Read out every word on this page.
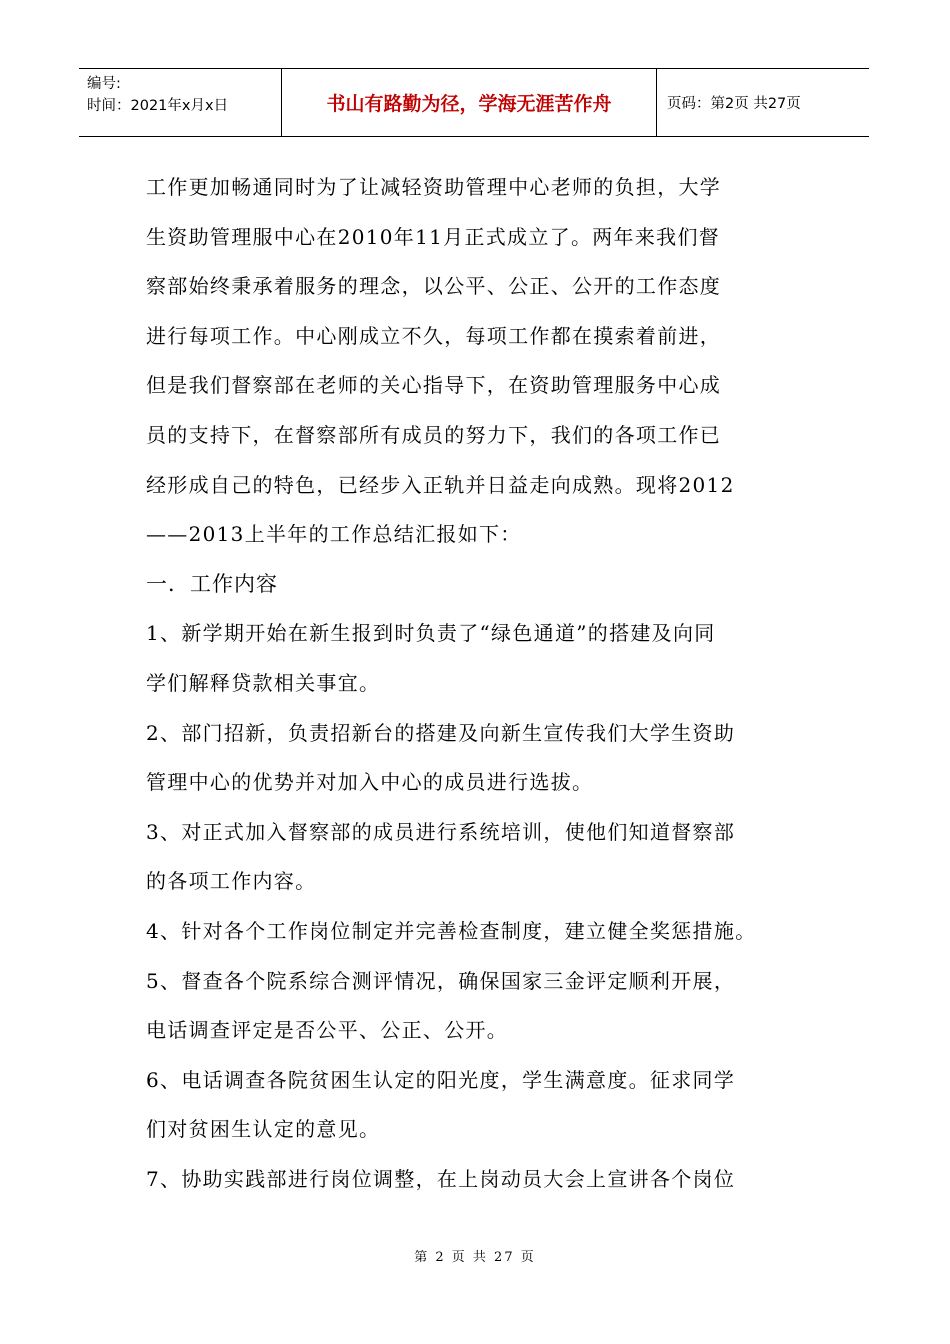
编号:
时间：2021年x月x日	书山有路勤为径，学海无涯苦作舟	页码：第2页 共27页
工作更加畅通同时为了让减轻资助管理中心老师的负担，大学
生资助管理服中心在2010年11月正式成立了。两年来我们督
察部始终秉承着服务的理念，以公平、公正、公开的工作态度
进行每项工作。中心刚成立不久，每项工作都在摸索着前进，
但是我们督察部在老师的关心指导下，在资助管理服务中心成
员的支持下，在督察部所有成员的努力下，我们的各项工作已
经形成自己的特色，已经步入正轨并日益走向成熟。现将2012
——2013上半年的工作总结汇报如下：
一．工作内容
1、新学期开始在新生报到时负责了“绿色通道”的搭建及向同
学们解释贷款相关事宜。
2、部门招新，负责招新台的搭建及向新生宣传我们大学生资助
管理中心的优势并对加入中心的成员进行选拔。
3、对正式加入督察部的成员进行系统培训，使他们知道督察部
的各项工作内容。
4、针对各个工作岗位制定并完善检查制度，建立健全奖惩措施。
5、督查各个院系综合测评情况，确保国家三金评定顺利开展，
电话调查评定是否公平、公正、公开。
6、电话调查各院贫困生认定的阳光度，学生满意度。征求同学
们对贫困生认定的意见。
7、协助实践部进行岗位调整，在上岗动员大会上宣讲各个岗位
第 2 页 共 27 页
